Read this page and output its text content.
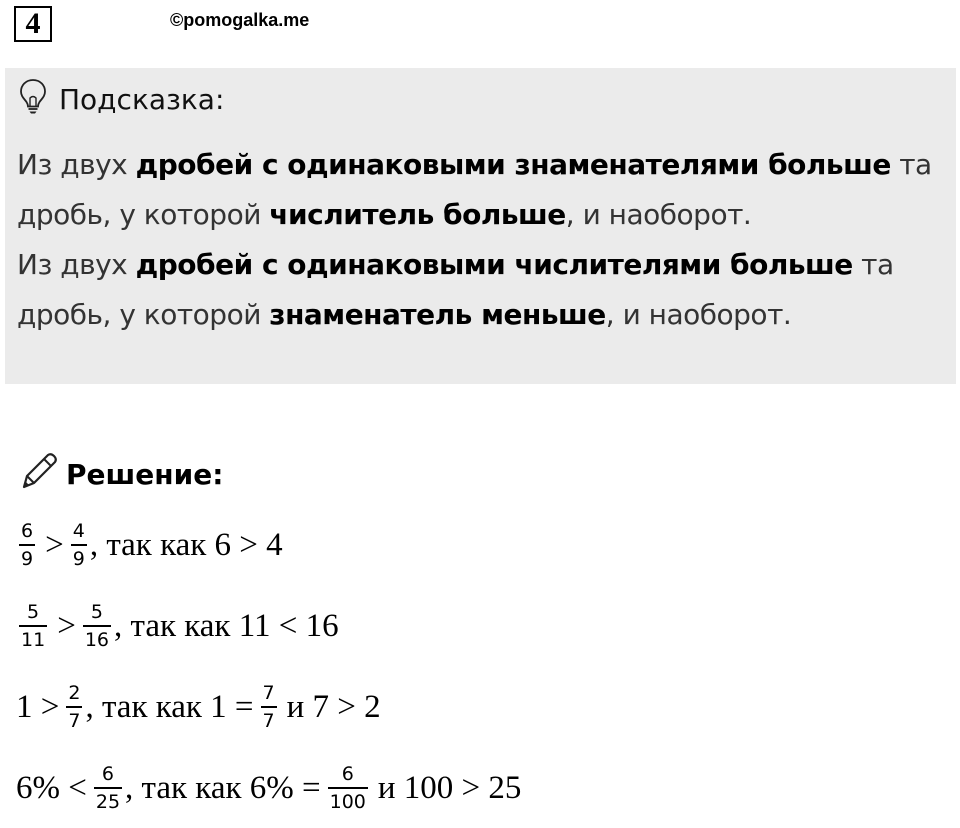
4	©pomogalka.me
Подсказка:

Из двух дробей с одинаковыми знаменателями больше та дробь, у которой числитель больше, и наоборот.

Из двух дробей с одинаковыми числителями больше та дробь, у которой знаменатель меньше, и наоборот.

Решение:
$\frac{6}{9} > \frac{4}{9}$ , так как 6 > 4
$\frac{5}{11} > \frac{5}{16}$ , так как 11 < 16
$1 > \frac{2}{7}$ , так как $1 = \frac{7}{7}$ и 7 > 2
$6\% < \frac{6}{25}$ , так как $6\% = \frac{6}{100}$ и 100 > 25
